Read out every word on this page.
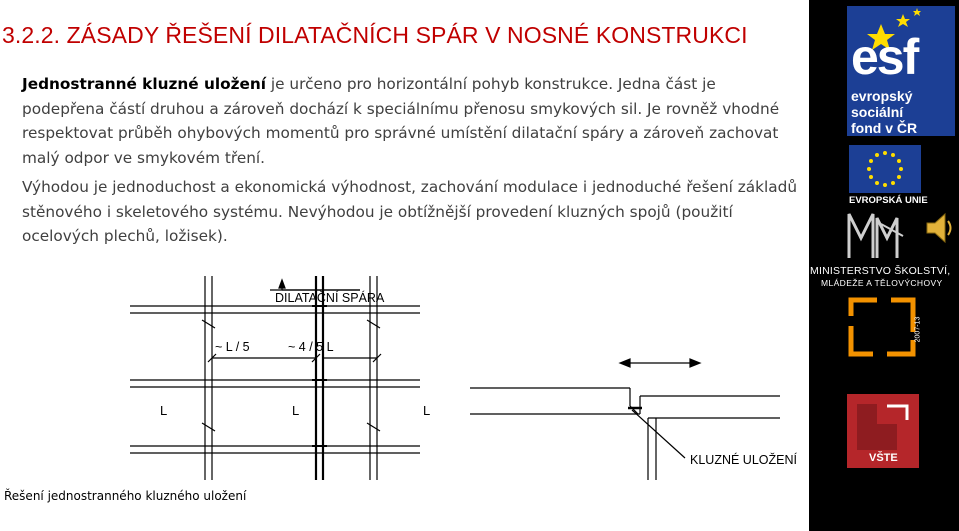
3.2.2. ZÁSADY ŘEŠENÍ DILATAČNÍCH SPÁR V NOSNÉ KONSTRUKCI
Jednostranné kluzné uložení je určeno pro horizontální pohyb konstrukce. Jedna část je podepřena částí druhou a zároveň dochází k speciálnímu přenosu smykových sil. Je rovněž vhodné respektovat průběh ohybových momentů pro správné umístění dilatační spáry a zároveň zachovat malý odpor ve smykovém tření.
Výhodou je jednoduchost a ekonomická výhodnost, zachování modulace i jednoduché řešení základů stěnového i skeletového systému. Nevýhodou je obtížnější provedení kluzných spojů (použití ocelových plechů, ložisek).
DILATAČNÍ SPÁRA
~ L / 5	~ 4 / 5 L
L	L	L
KLUZNÉ ULOŽENÍ
Řešení jednostranného kluzného uložení
esf
evropský
sociální
fond v ČR
EVROPSKÁ UNIE
MINISTERSTVO ŠKOLSTVÍ,
MLÁDEŽE A TĚLOVÝCHOVY
2007-13
VŠTE
